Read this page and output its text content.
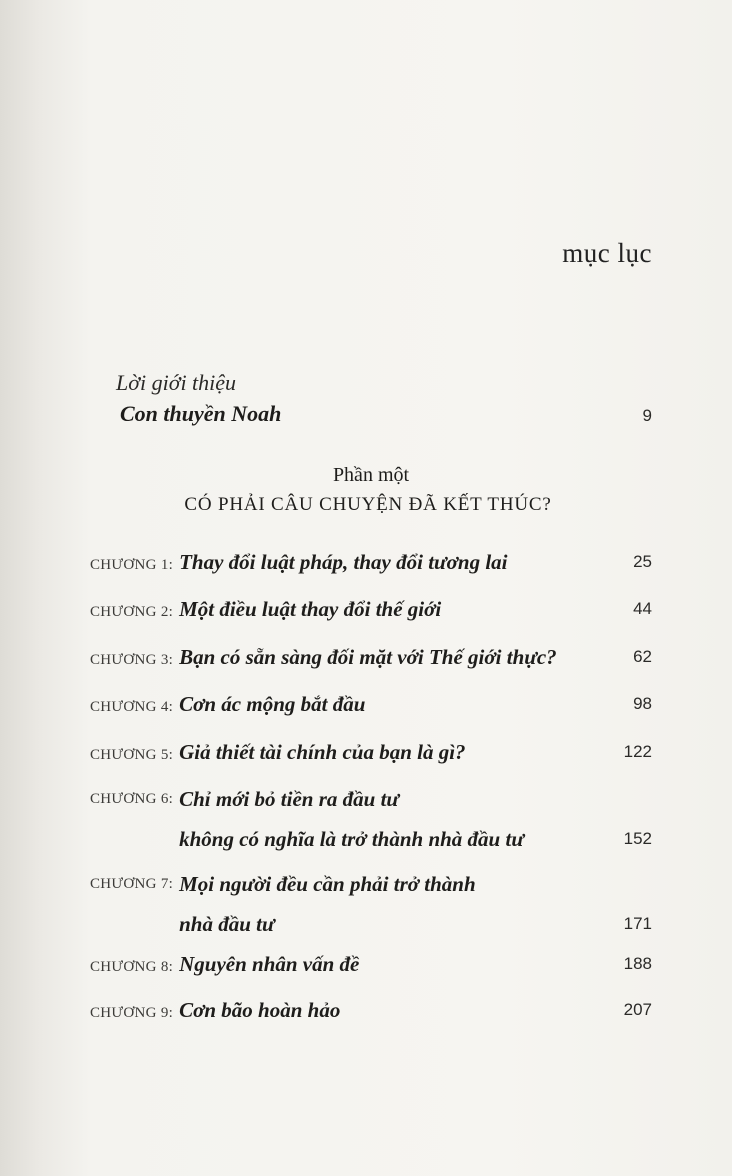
mục lục
Lời giới thiệu
Con thuyền Noah	9
Phần một
CÓ PHẢI CÂU CHUYỆN ĐÃ KẾT THÚC?
CHƯƠNG 1: Thay đổi luật pháp, thay đổi tương lai	25
CHƯƠNG 2: Một điều luật thay đổi thế giới	44
CHƯƠNG 3: Bạn có sẵn sàng đối mặt với Thế giới thực?	62
CHƯƠNG 4: Cơn ác mộng bắt đầu	98
CHƯƠNG 5: Giả thiết tài chính của bạn là gì?	122
CHƯƠNG 6: Chỉ mới bỏ tiền ra đầu tư
không có nghĩa là trở thành nhà đầu tư	152
CHƯƠNG 7: Mọi người đều cần phải trở thành
nhà đầu tư	171
CHƯƠNG 8: Nguyên nhân vấn đề	188
CHƯƠNG 9: Cơn bão hoàn hảo	207
